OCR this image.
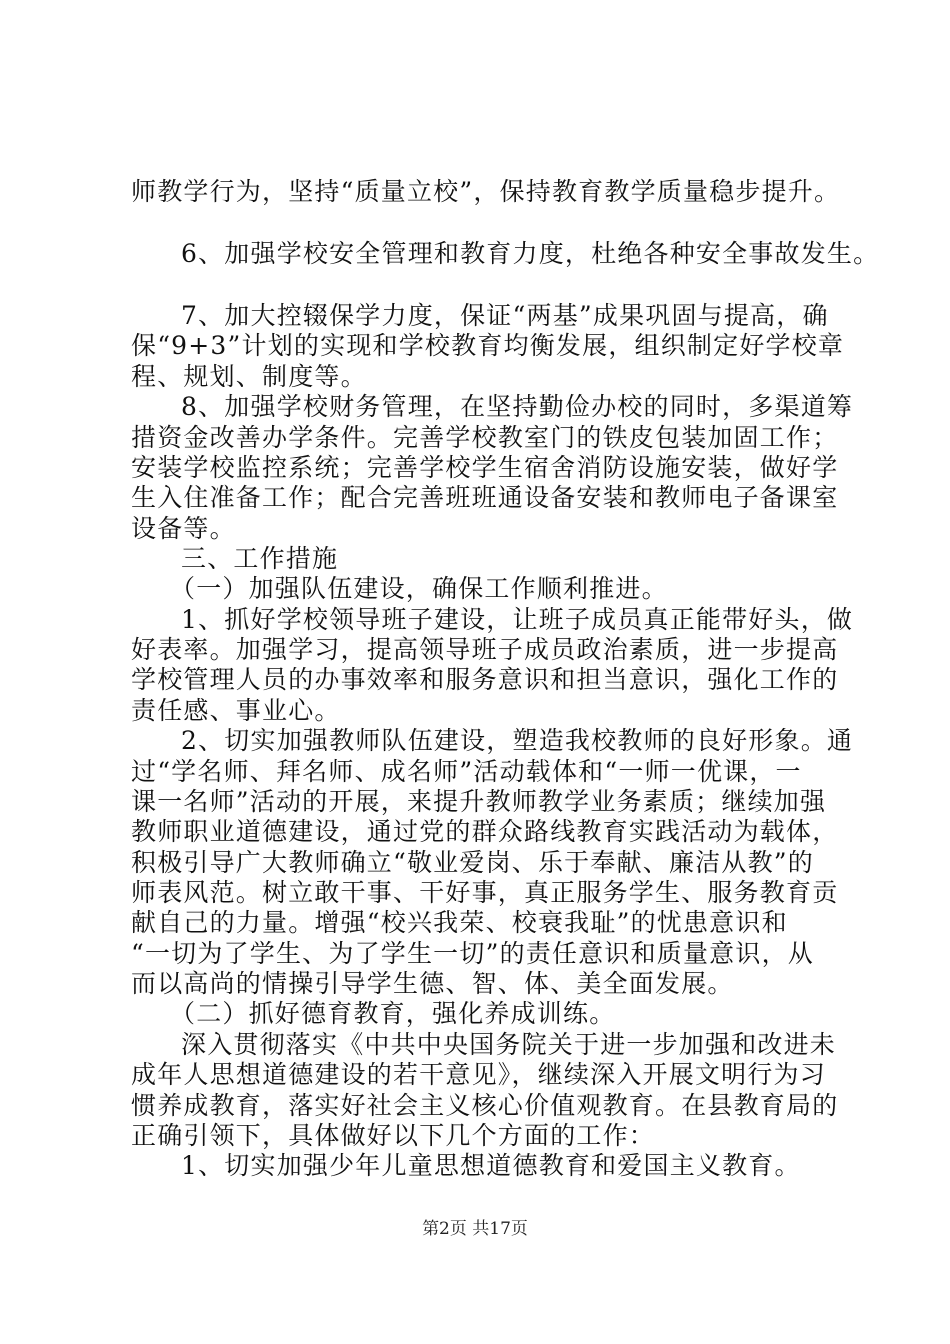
师教学行为，坚持“质量立校”，保持教育教学质量稳步提升。
6、加强学校安全管理和教育力度，杜绝各种安全事故发生。
7、加大控辍保学力度，保证“两基”成果巩固与提高，确
保“9+3”计划的实现和学校教育均衡发展，组织制定好学校章
程、规划、制度等。
8、加强学校财务管理，在坚持勤俭办校的同时，多渠道筹
措资金改善办学条件。完善学校教室门的铁皮包装加固工作；
安装学校监控系统；完善学校学生宿舍消防设施安装，做好学
生入住准备工作；配合完善班班通设备安装和教师电子备课室
设备等。
三、工作措施
（一）加强队伍建设，确保工作顺利推进。
1、抓好学校领导班子建设，让班子成员真正能带好头，做
好表率。加强学习，提高领导班子成员政治素质，进一步提高
学校管理人员的办事效率和服务意识和担当意识，强化工作的
责任感、事业心。
2、切实加强教师队伍建设，塑造我校教师的良好形象。通
过“学名师、拜名师、成名师”活动载体和“一师一优课，一
课一名师”活动的开展，来提升教师教学业务素质；继续加强
教师职业道德建设，通过党的群众路线教育实践活动为载体，
积极引导广大教师确立“敬业爱岗、乐于奉献、廉洁从教”的
师表风范。树立敢干事、干好事，真正服务学生、服务教育贡
献自己的力量。增强“校兴我荣、校衰我耻”的忧患意识和
“一切为了学生、为了学生一切”的责任意识和质量意识，从
而以高尚的情操引导学生德、智、体、美全面发展。
（二）抓好德育教育，强化养成训练。
深入贯彻落实《中共中央国务院关于进一步加强和改进未
成年人思想道德建设的若干意见》，继续深入开展文明行为习
惯养成教育，落实好社会主义核心价值观教育。在县教育局的
正确引领下，具体做好以下几个方面的工作：
1、切实加强少年儿童思想道德教育和爱国主义教育。
第2页 共17页
